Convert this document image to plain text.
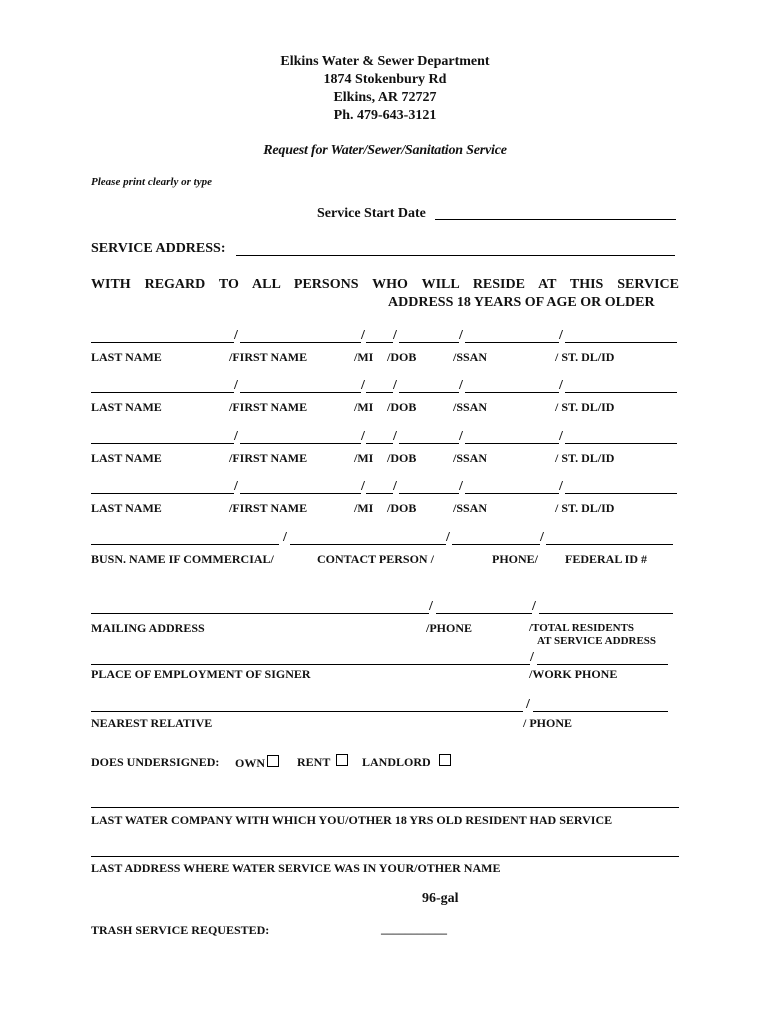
Elkins Water & Sewer Department
1874 Stokenbury Rd
Elkins, AR 72727
Ph. 479-643-3121
Request for Water/Sewer/Sanitation Service
Please print clearly or type
Service Start Date
SERVICE ADDRESS:
WITH REGARD TO ALL PERSONS WHO WILL RESIDE AT THIS SERVICE
ADDRESS 18 YEARS OF AGE OR OLDER
/	/ /	/	/
LAST NAME	/FIRST NAME	/MI /DOB	/SSAN	/ ST. DL/ID
/	/ /	/	/
LAST NAME	/FIRST NAME	/MI /DOB	/SSAN	/ ST. DL/ID
/	/ /	/	/
LAST NAME	/FIRST NAME	/MI /DOB	/SSAN	/ ST. DL/ID
/	/ /	/	/
LAST NAME	/FIRST NAME	/MI /DOB	/SSAN	/ ST. DL/ID
/	/	/
BUSN. NAME IF COMMERCIAL/	CONTACT PERSON /	PHONE/ FEDERAL ID #
/	/
MAILING ADDRESS	/PHONE	/TOTAL RESIDENTS
AT SERVICE ADDRESS
/
PLACE OF EMPLOYMENT OF SIGNER	/WORK PHONE
/
NEAREST RELATIVE	/ PHONE
DOES UNDERSIGNED: OWN	RENT	LANDLORD
LAST WATER COMPANY WITH WHICH YOU/OTHER 18 YRS OLD RESIDENT HAD SERVICE
LAST ADDRESS WHERE WATER SERVICE WAS IN YOUR/OTHER NAME
96-gal
TRASH SERVICE REQUESTED:	___________
